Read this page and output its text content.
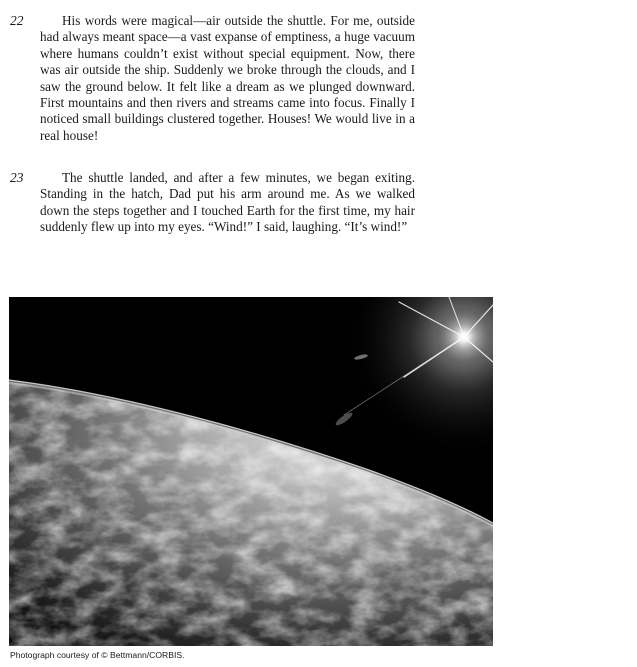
22	His words were magical—air outside the shuttle. For me, outside had always meant space—a vast expanse of emptiness, a huge vacuum where humans couldn’t exist without special equipment. Now, there was air outside the ship. Suddenly we broke through the clouds, and I saw the ground below. It felt like a dream as we plunged downward. First mountains and then rivers and streams came into focus. Finally I noticed small buildings clustered together. Houses! We would live in a real house!

23	The shuttle landed, and after a few minutes, we began exiting. Standing in the hatch, Dad put his arm around me. As we walked down the steps together and I touched Earth for the first time, my hair suddenly flew up into my eyes. “Wind!” I said, laughing. “It’s wind!”

Photograph courtesy of © Bettmann/CORBIS.
